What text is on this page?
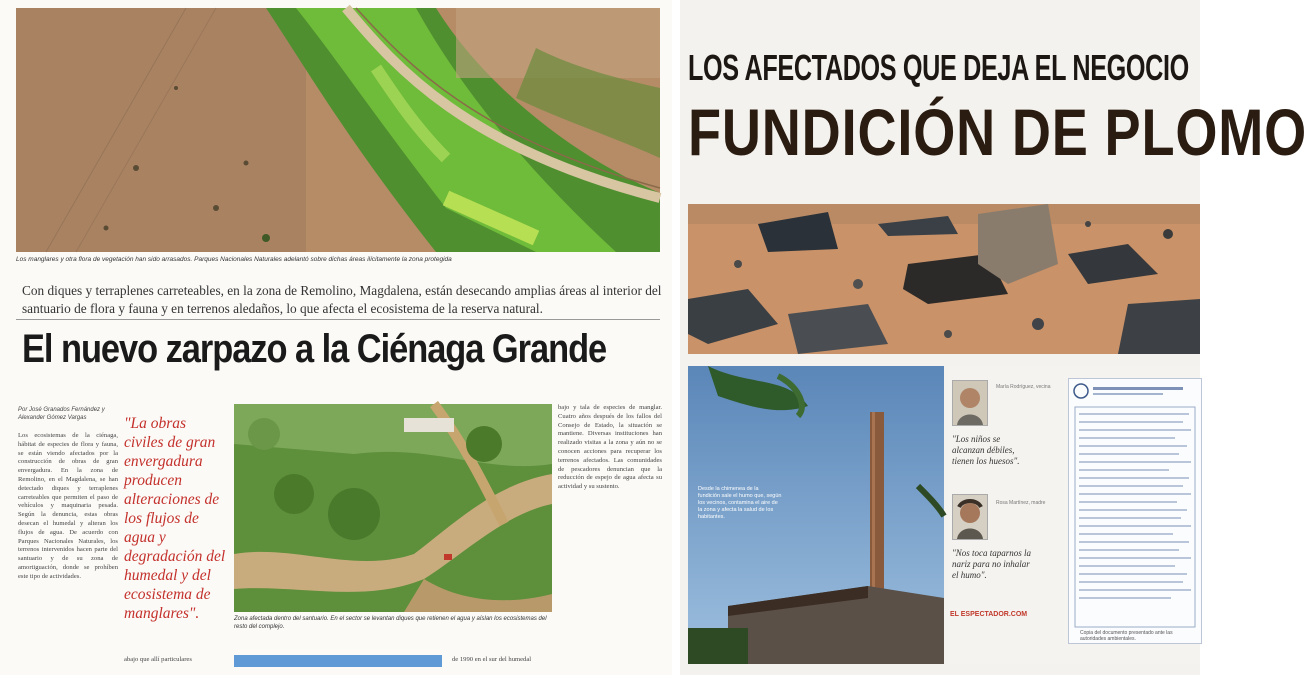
Los manglares y otra flora de vegetación han sido arrasados. Parques Nacionales Naturales adelantó sobre dichas áreas ilícitamente la zona protegida
Con diques y terraplenes carreteables, en la zona de Remolino, Magdalena, están desecando amplias áreas al interior del santuario de flora y fauna y en terrenos aledaños, lo que afecta el ecosistema de la reserva natural.
El nuevo zarpazo a la Ciénaga Grande
Por José Granados Fernández y Alexander Gómez Vargas
Los ecosistemas de la ciénaga, hábitat de especies de flora y fauna, se están viendo afectados por la construcción de obras de gran envergadura. En la zona de Remolino, en el Magdalena, se han detectado diques y terraplenes carreteables que permiten el paso de vehículos y maquinaria pesada. Según la denuncia, estas obras desecan el humedal y alteran los flujos de agua. De acuerdo con Parques Nacionales Naturales, los terrenos intervenidos hacen parte del santuario y de su zona de amortiguación, donde se prohíben este tipo de actividades.
"La obras civiles de gran envergadura producen alteraciones de los flujos de agua y degradación del humedal y del ecosistema de manglares".	Zona afectada dentro del santuario. En el sector se levantan diques que retienen el agua y aíslan los ecosistemas del resto del complejo.
bajo y tala de especies de manglar. Cuatro años después de los fallos del Consejo de Estado, la situación se mantiene. Diversas instituciones han realizado visitas a la zona y aún no se conocen acciones para recuperar los terrenos afectados. Las comunidades de pescadores denuncian que la reducción de espejo de agua afecta su actividad y su sustento.
abajo que allí particulares	de 1990 en el sur del humedal
LOS AFECTADOS QUE DEJA EL NEGOCIO
FUNDICIÓN DE PLOMO
Desde la chimenea de la fundición sale el humo que, según los vecinos, contamina el aire de la zona y afecta la salud de los habitantes.
María Rodríguez, vecina
"Los niños se alcanzan débiles, tienen los huesos".
Rosa Martínez, madre
"Nos toca taparnos la nariz para no inhalar el humo".
EL ESPECTADOR.COM
Copia del documento presentado ante las autoridades ambientales.
